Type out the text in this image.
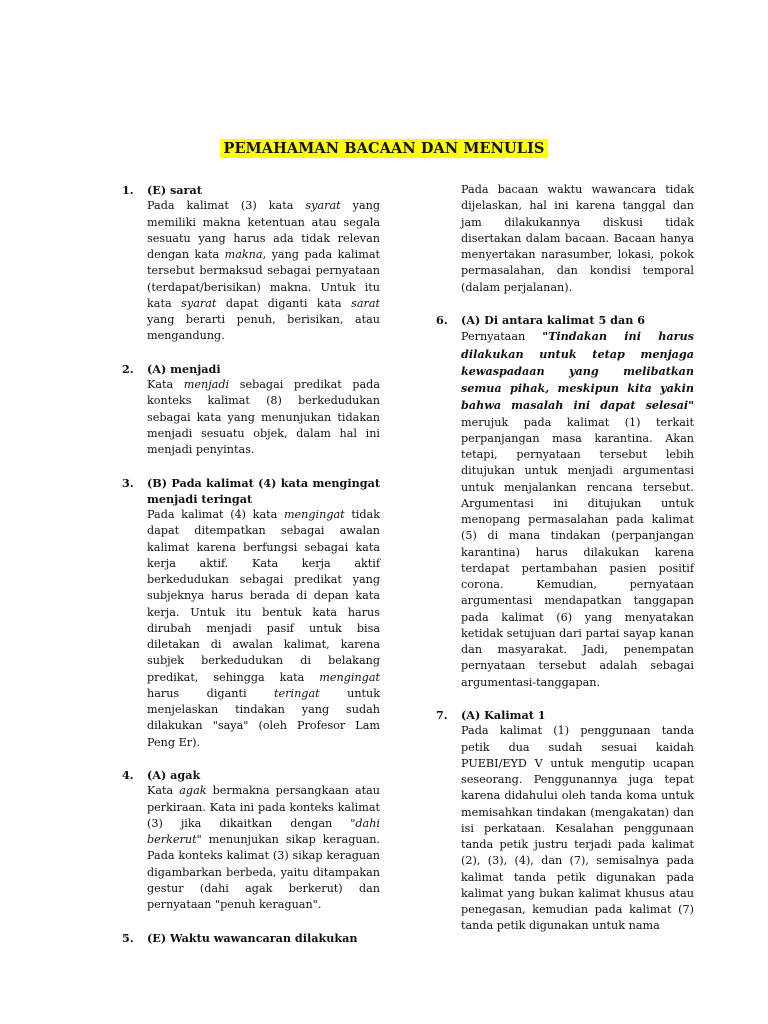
PEMAHAMAN BACAAN DAN MENULIS
1. (E) sarat
Pada kalimat (3) kata syarat yang memiliki makna ketentuan atau segala sesuatu yang harus ada tidak relevan dengan kata makna, yang pada kalimat tersebut bermaksud sebagai pernyataan (terdapat/berisikan) makna. Untuk itu kata syarat dapat diganti kata sarat yang berarti penuh, berisikan, atau mengandung.
2. (A) menjadi
Kata menjadi sebagai predikat pada konteks kalimat (8) berkedudukan sebagai kata yang menunjukan tidakan menjadi sesuatu objek, dalam hal ini menjadi penyintas.
3. (B) Pada kalimat (4) kata mengingat menjadi teringat
Pada kalimat (4) kata mengingat tidak dapat ditempatkan sebagai awalan kalimat karena berfungsi sebagai kata kerja aktif. Kata kerja aktif berkedudukan sebagai predikat yang subjeknya harus berada di depan kata kerja. Untuk itu bentuk kata harus dirubah menjadi pasif untuk bisa diletakan di awalan kalimat, karena subjek berkedudukan di belakang predikat, sehingga kata mengingat harus diganti teringat untuk menjelaskan tindakan yang sudah dilakukan "saya" (oleh Profesor Lam Peng Er).
4. (A) agak
Kata agak bermakna persangkaan atau perkiraan. Kata ini pada konteks kalimat (3) jika dikaitkan dengan "dahi berkerut" menunjukan sikap keraguan. Pada konteks kalimat (3) sikap keraguan digambarkan berbeda, yaitu ditampakan gestur (dahi agak berkerut) dan pernyataan "penuh keraguan".
5. (E) Waktu wawancaran dilakukan
Pada bacaan waktu wawancara tidak dijelaskan, hal ini karena tanggal dan jam dilakukannya diskusi tidak disertakan dalam bacaan. Bacaan hanya menyertakan narasumber, lokasi, pokok permasalahan, dan kondisi temporal (dalam perjalanan).
6. (A) Di antara kalimat 5 dan 6
Pernyataan "Tindakan ini harus dilakukan untuk tetap menjaga kewaspadaan yang melibatkan semua pihak, meskipun kita yakin bahwa masalah ini dapat selesai" merujuk pada kalimat (1) terkait perpanjangan masa karantina. Akan tetapi, pernyataan tersebut lebih ditujukan untuk menjadi argumentasi untuk menjalankan rencana tersebut. Argumentasi ini ditujukan untuk menopang permasalahan pada kalimat (5) di mana tindakan (perpanjangan karantina) harus dilakukan karena terdapat pertambahan pasien positif corona. Kemudian, pernyataan argumentasi mendapatkan tanggapan pada kalimat (6) yang menyatakan ketidak setujuan dari partai sayap kanan dan masyarakat. Jadi, penempatan pernyataan tersebut adalah sebagai argumentasi-tanggapan.
7. (A) Kalimat 1
Pada kalimat (1) penggunaan tanda petik dua sudah sesuai kaidah PUEBI/EYD V untuk mengutip ucapan seseorang. Penggunannya juga tepat karena didahului oleh tanda koma untuk memisahkan tindakan (mengakatan) dan isi perkataan. Kesalahan penggunaan tanda petik justru terjadi pada kalimat (2), (3), (4), dan (7), semisalnya pada kalimat tanda petik digunakan pada kalimat yang bukan kalimat khusus atau penegasan, kemudian pada kalimat (7) tanda petik digunakan untuk nama
